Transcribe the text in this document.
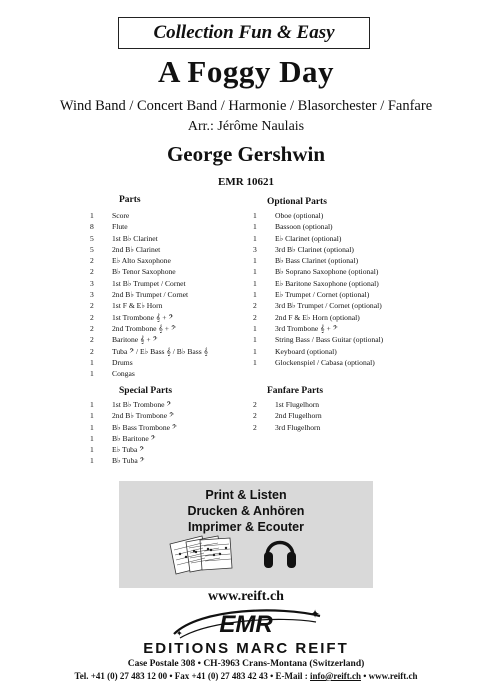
Collection Fun & Easy
A Foggy Day
Wind Band / Concert Band / Harmonie / Blasorchester / Fanfare
Arr.: Jérôme Naulais
George Gershwin
EMR 10621
Parts
1	Score
8	Flute
5	1st B♭ Clarinet
5	2nd B♭ Clarinet
2	E♭ Alto Saxophone
2	B♭ Tenor Saxophone
3	1st B♭ Trumpet / Cornet
3	2nd B♭ Trumpet / Cornet
2	1st F & E♭ Horn
2	1st Trombone 𝄞 + 𝄢
2	2nd Trombone 𝄞 + 𝄢
2	Baritone 𝄞 + 𝄢
2	Tuba 𝄢 / E♭ Bass 𝄞 / B♭ Bass 𝄞
1	Drums
1	Congas
Optional Parts
1	Oboe (optional)
1	Bassoon (optional)
1	E♭ Clarinet (optional)
3	3rd B♭ Clarinet (optional)
1	B♭ Bass Clarinet (optional)
1	B♭ Soprano Saxophone (optional)
1	E♭ Baritone Saxophone (optional)
1	E♭ Trumpet / Cornet (optional)
2	3rd B♭ Trumpet / Cornet (optional)
2	2nd F & E♭ Horn (optional)
1	3rd Trombone 𝄞 + 𝄢
1	String Bass / Bass Guitar (optional)
1	Keyboard (optional)
1	Glockenspiel / Cabasa (optional)
Special Parts
1	1st B♭ Trombone 𝄢
1	2nd B♭ Trombone 𝄢
1	B♭ Bass Trombone 𝄢
1	B♭ Baritone 𝄢
1	E♭ Tuba 𝄢
1	B♭ Tuba 𝄢
Fanfare Parts
2	1st Flugelhorn
2	2nd Flugelhorn
2	3rd Flugelhorn
Print & Listen
Drucken & Anhören
Imprimer & Ecouter
www.reift.ch
EMR	✦
✦
EDITIONS MARC REIFT
Case Postale 308 • CH-3963 Crans-Montana (Switzerland)
Tel. +41 (0) 27 483 12 00 • Fax +41 (0) 27 483 42 43 • E-Mail : info@reift.ch • www.reift.ch
